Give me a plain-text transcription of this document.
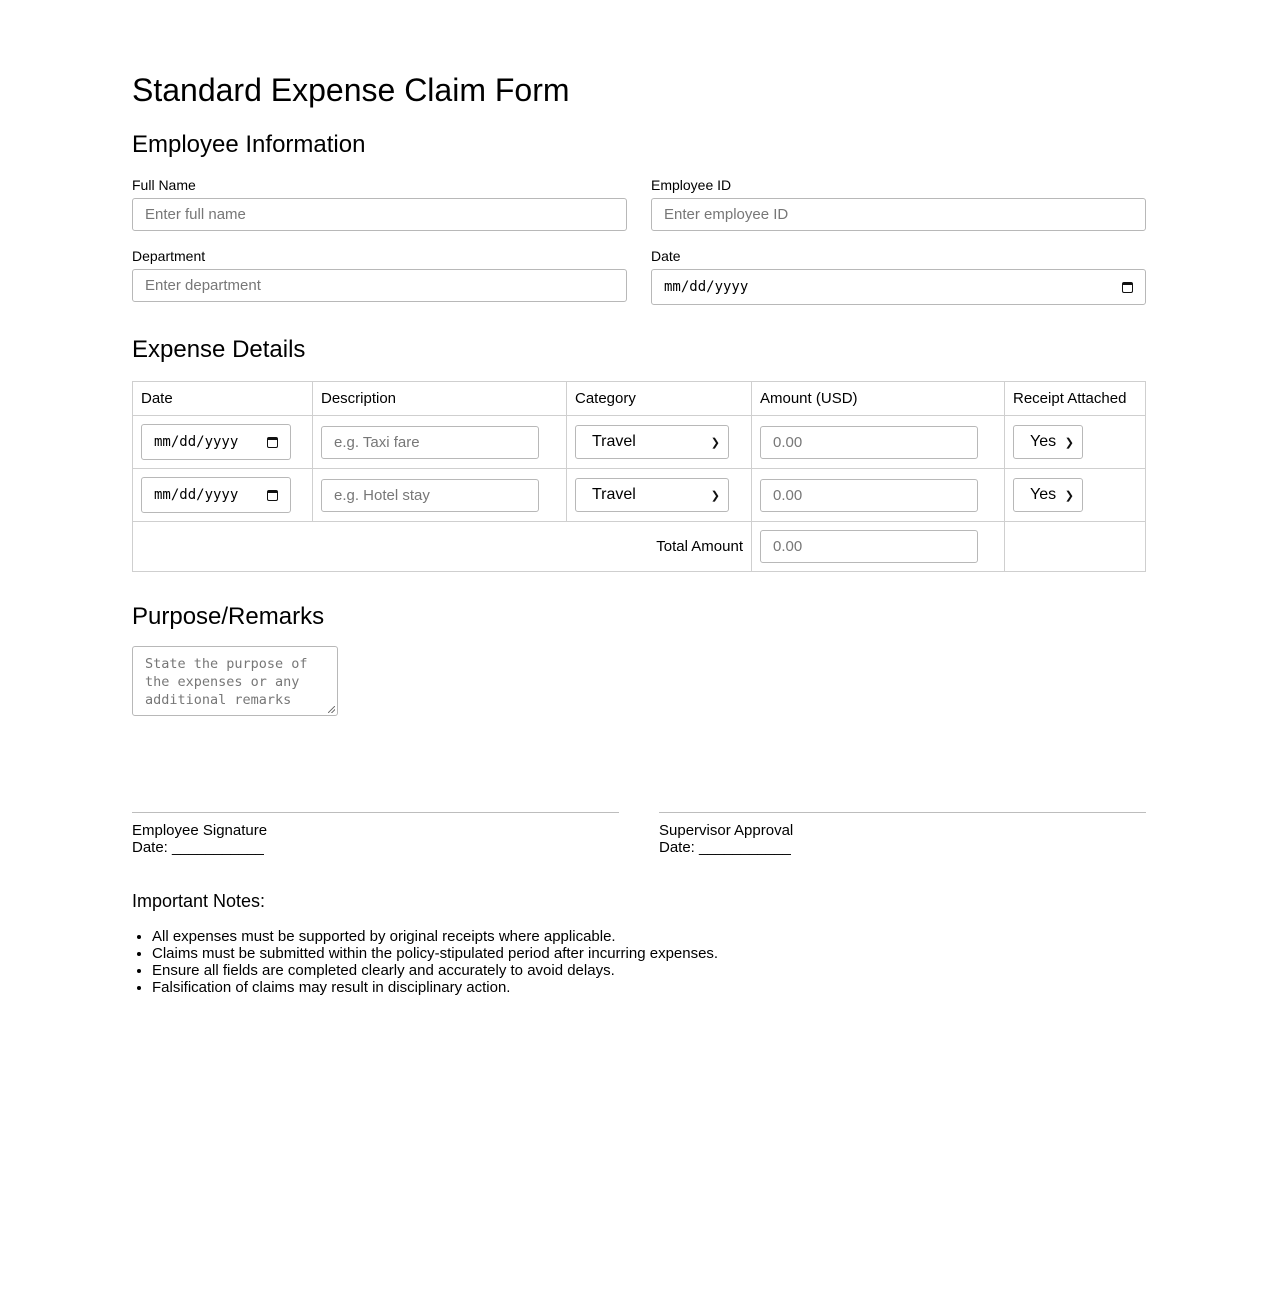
Standard Expense Claim Form
Employee Information
Full Name
Enter full name
Employee ID
Enter employee ID
Department
Enter department
Date
mm/dd/yyyy
Expense Details
Date	Description	Category	Amount (USD)	Receipt Attached

mm/dd/yyyy	e.g. Taxi fare	Travel ❯	0.00	Yes ❯

mm/dd/yyyy	e.g. Hotel stay	Travel ❯	0.00	Yes ❯

Total Amount			0.00	

Purpose/Remarks
State the purpose of
the expenses or any
additional remarks
Employee Signature
Date: ___________
Supervisor Approval
Date: ___________
Important Notes:
• All expenses must be supported by original receipts where applicable.
• Claims must be submitted within the policy-stipulated period after incurring expenses.
• Ensure all fields are completed clearly and accurately to avoid delays.
• Falsification of claims may result in disciplinary action.
